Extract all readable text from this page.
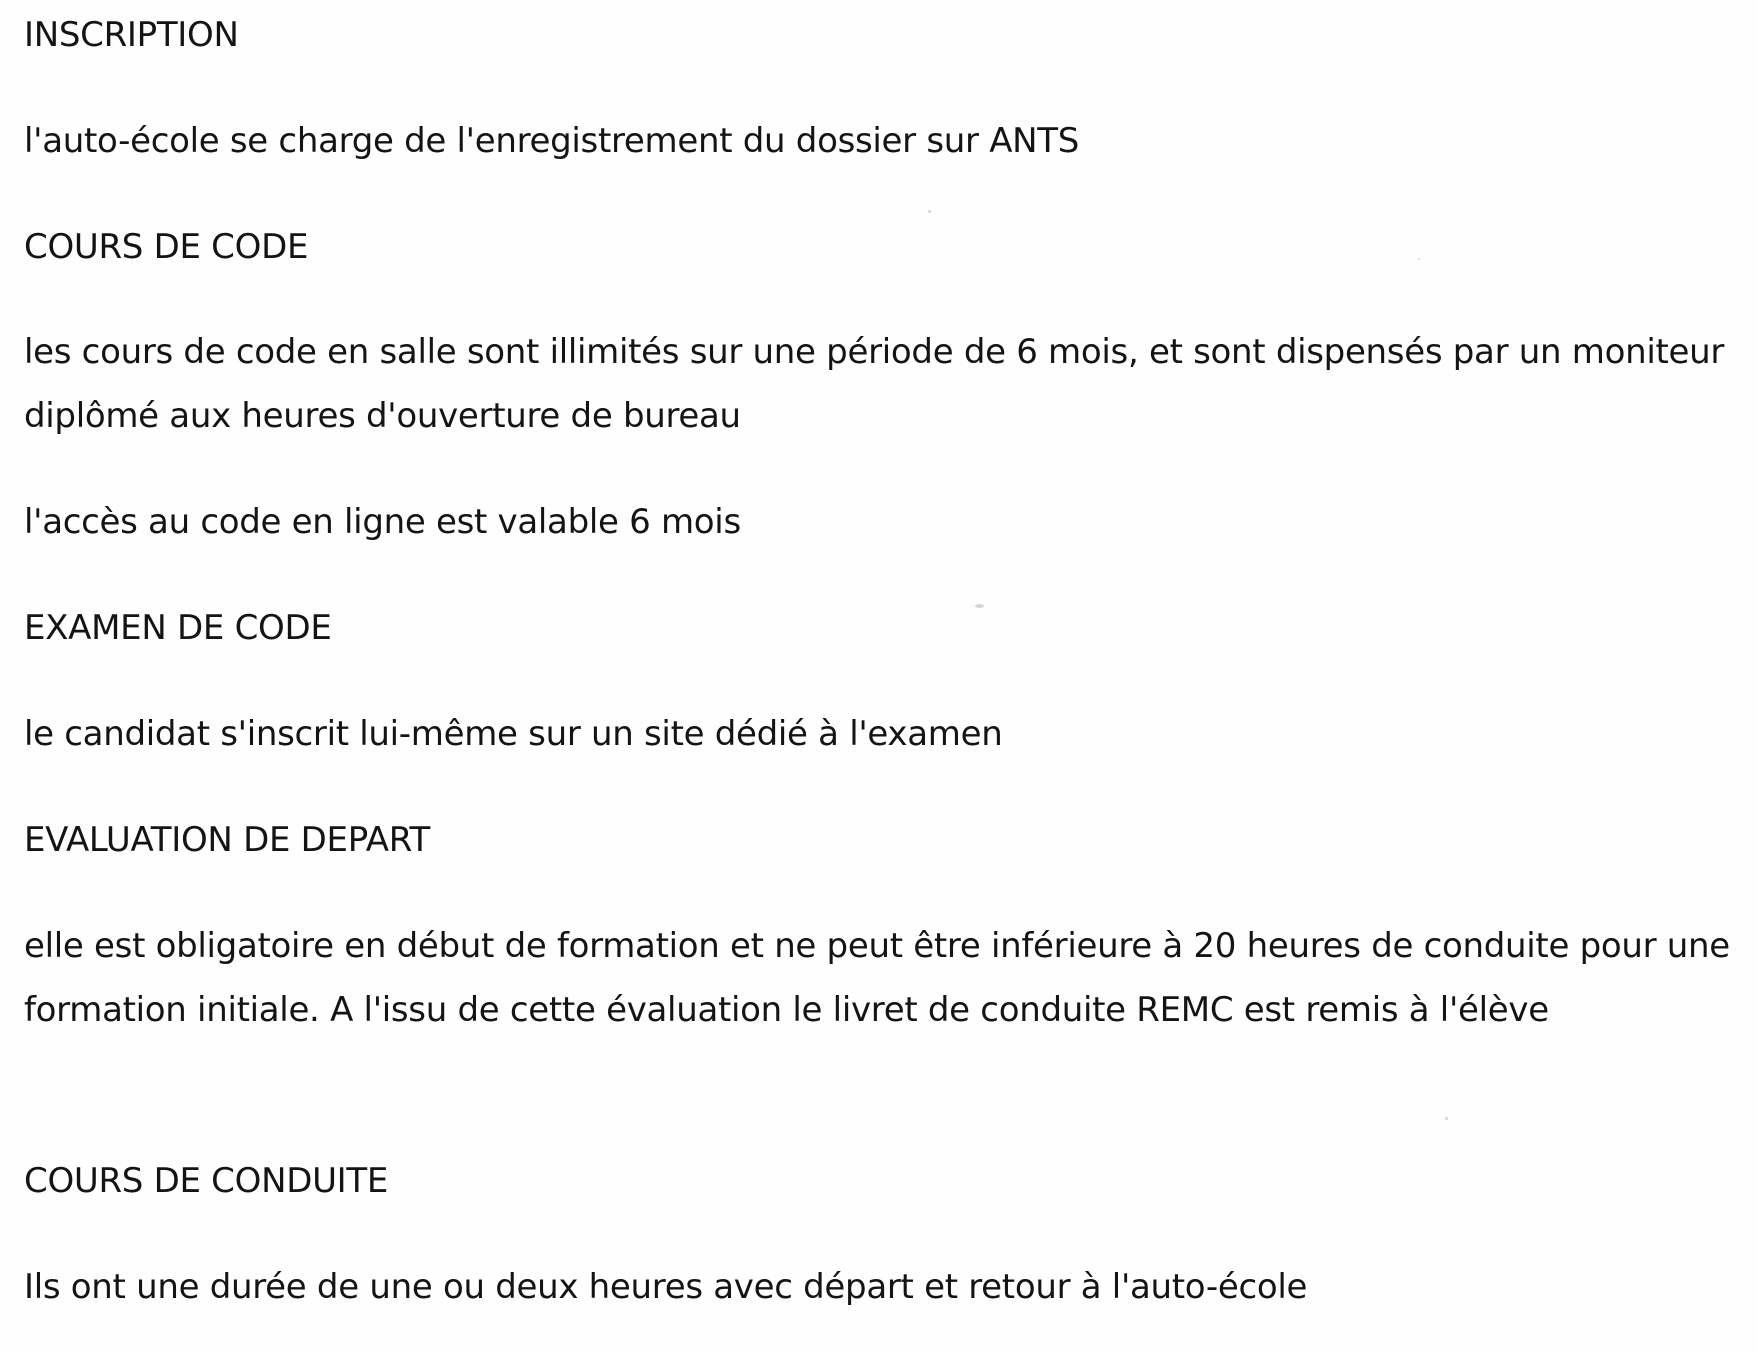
INSCRIPTION

l'auto-école se charge de l'enregistrement du dossier sur ANTS

COURS DE CODE

les cours de code en salle sont illimités sur une période de 6 mois, et sont dispensés par un moniteur diplômé aux heures d'ouverture de bureau

l'accès au code en ligne est valable 6 mois

EXAMEN DE CODE

le candidat s'inscrit lui-même sur un site dédié à l'examen

EVALUATION DE DEPART

elle est obligatoire en début de formation et ne peut être inférieure à 20 heures de conduite pour une formation initiale. A l'issu de cette évaluation le livret de conduite REMC est remis à l'élève

COURS DE CONDUITE

Ils ont une durée de une ou deux heures avec départ et retour à l'auto-école
